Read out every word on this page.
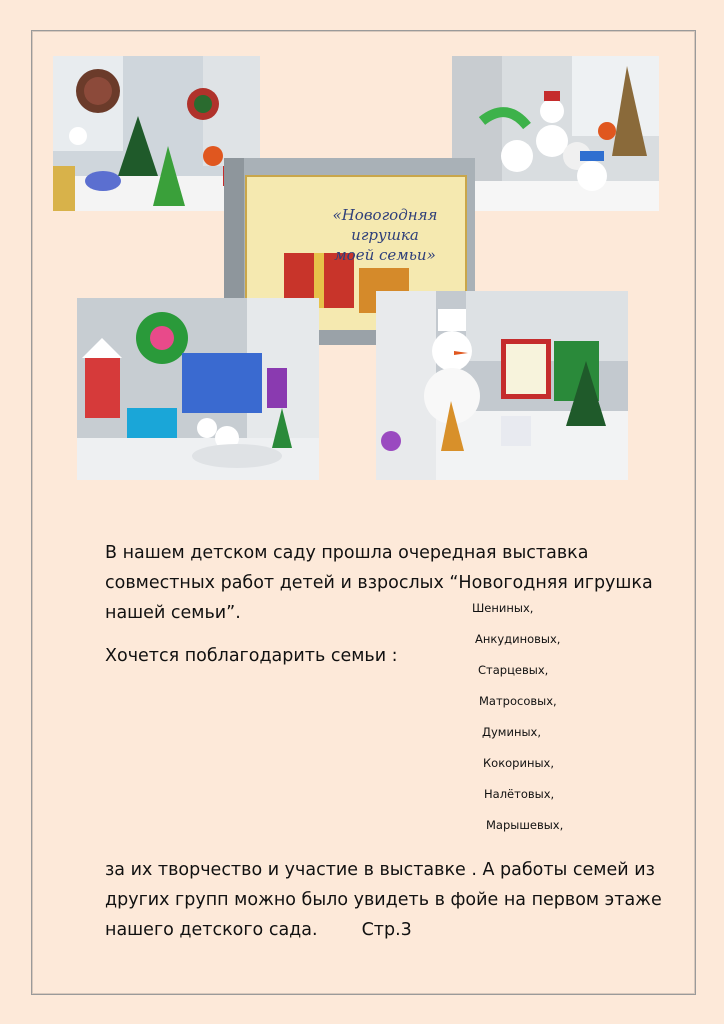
«Новогодняя
игрушка
моей семьи»
В нашем детском саду прошла очередная выставка совместных работ детей и взрослых “Новогодняя игрушка нашей семьи”.
Хочется поблагодарить семьи :
Шениных,
Анкудиновых,
Старцевых,
Матросовых,
Думиных,
Кокориных,
Налётовых,
Марышевых,
за их творчество и участие в выставке . А работы семей из других групп можно было увидеть в фойе на первом этаже нашего детского сада.	Стр.3
